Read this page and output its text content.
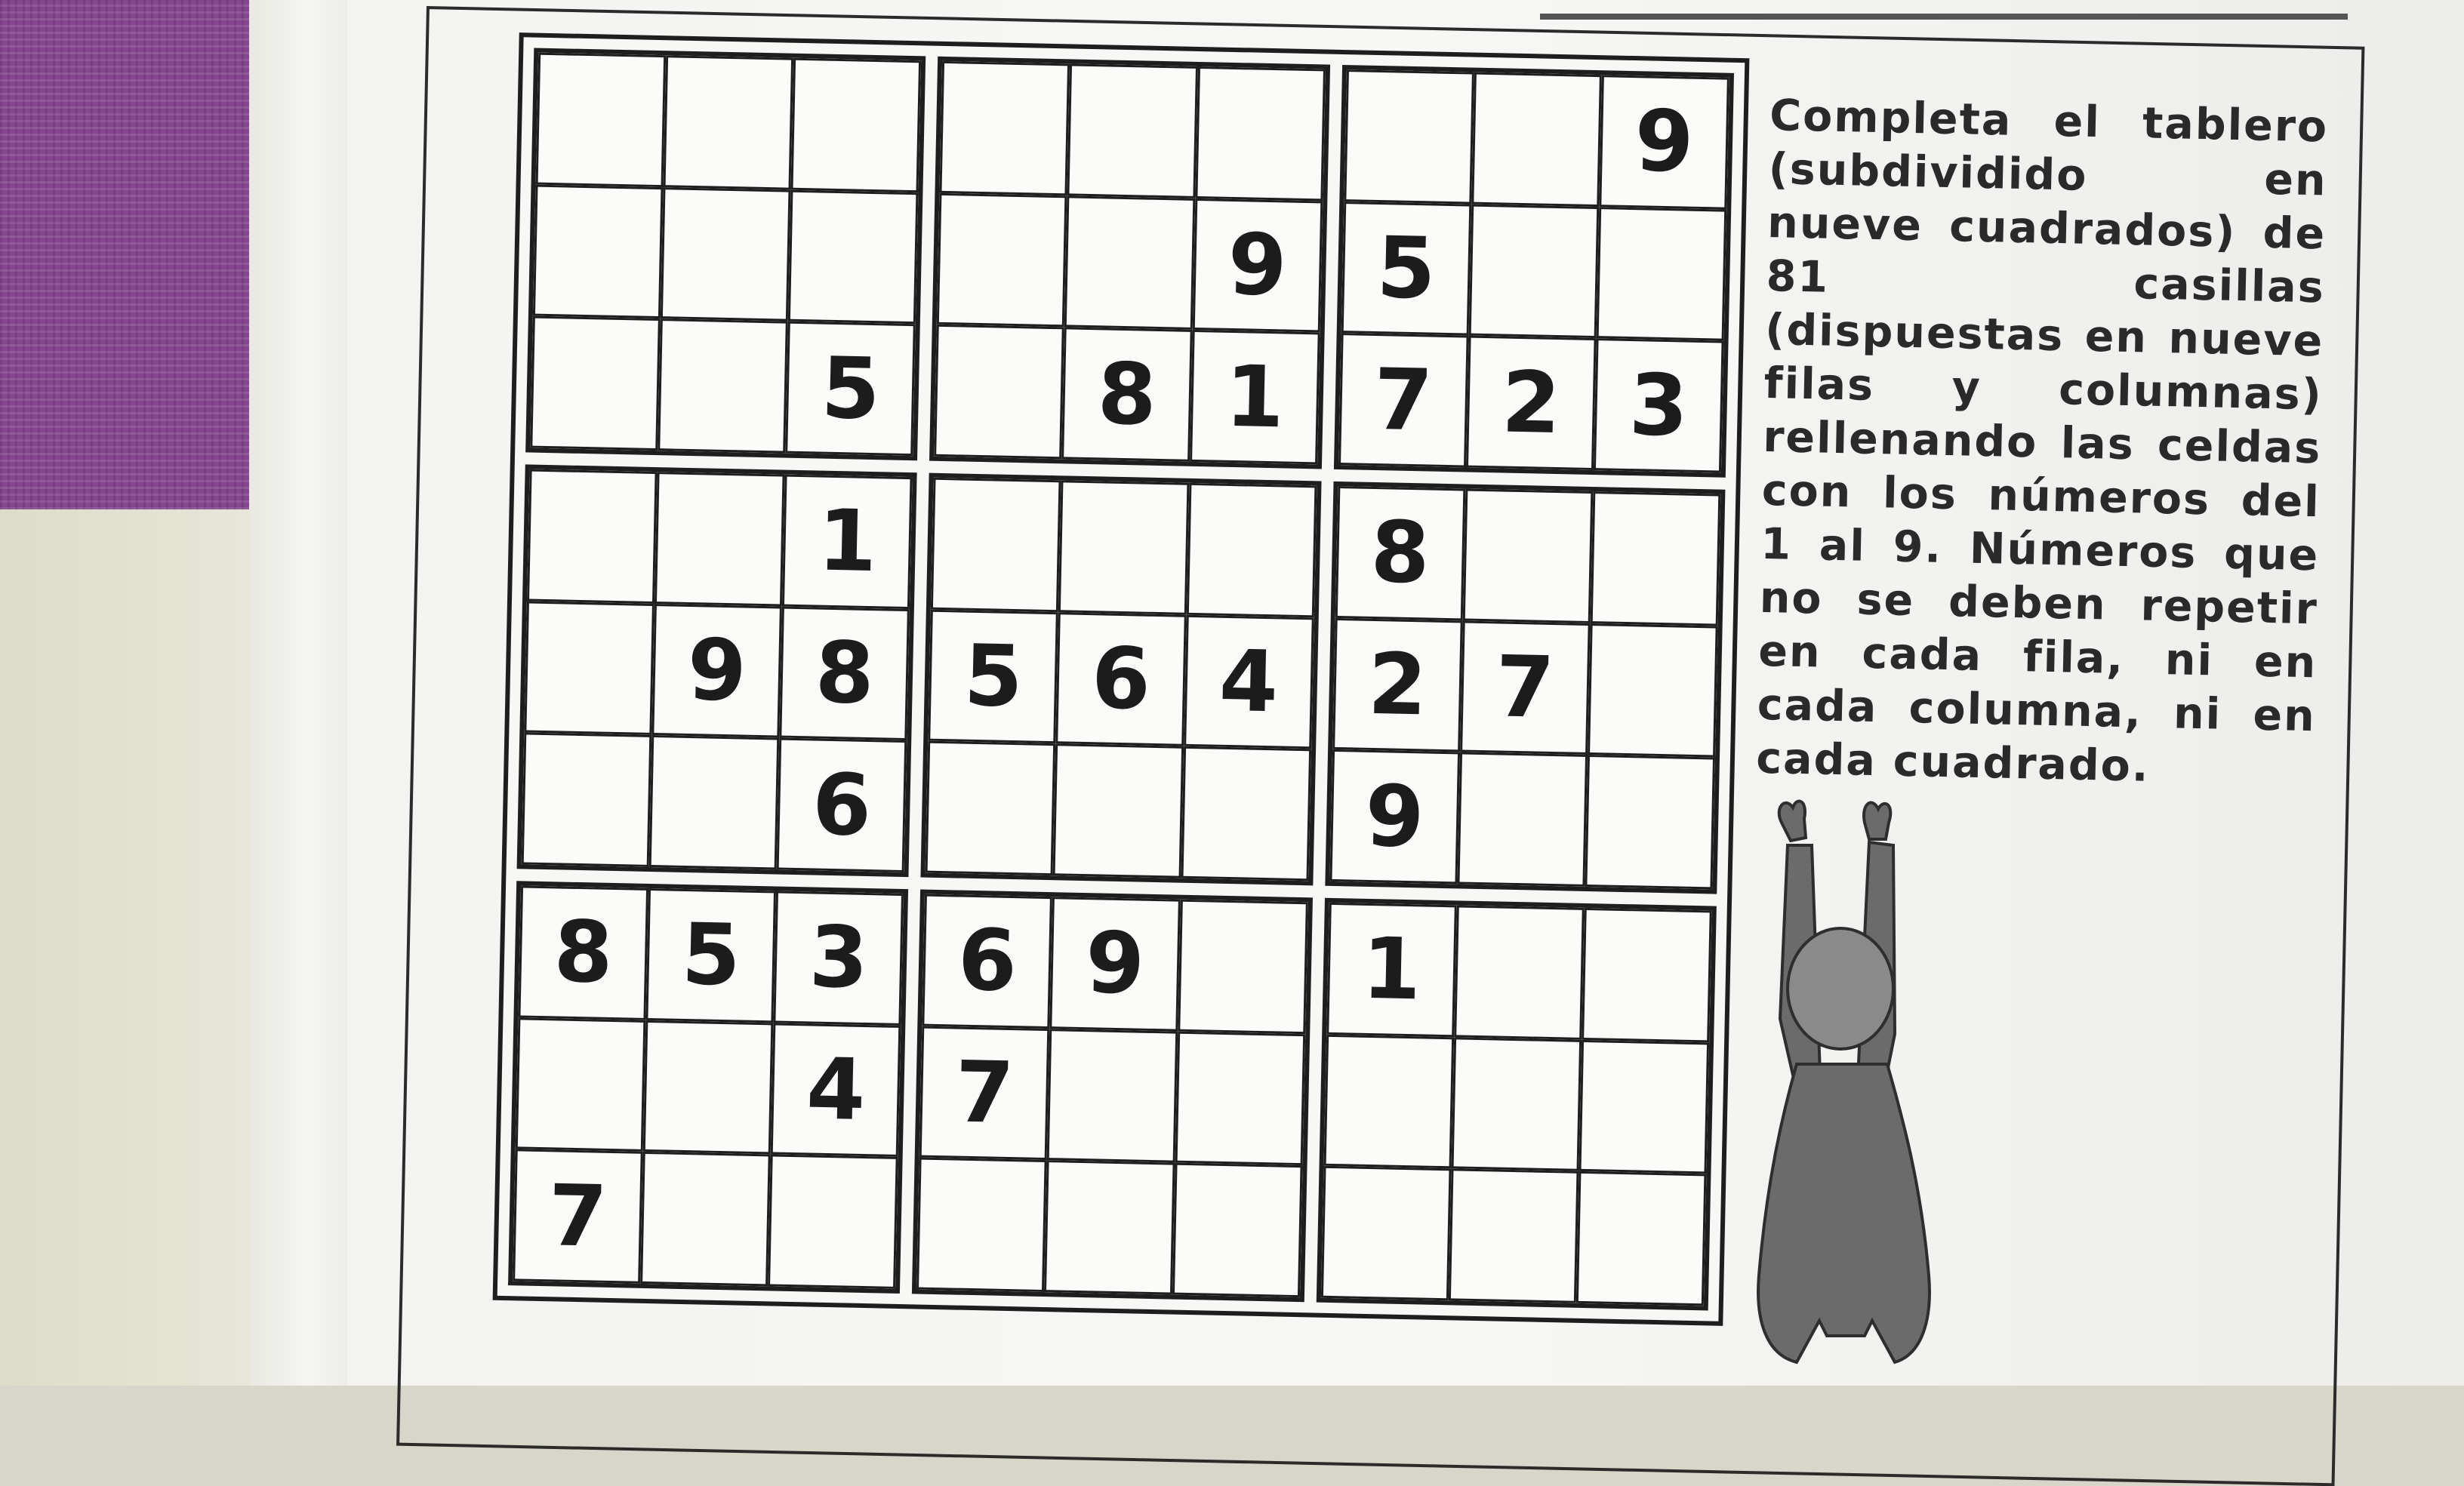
5
9
8 1
9
5
7 2 3
1
9 8
6
5 6 4
8
2 7
9
8 5 3
4
7
6 9
7
1
Completa el tablero (subdividido en nueve cuadrados) de 81 casillas (dispuestas en nueve filas y columnas) rellenando las celdas con los números del 1 al 9. Números que no se deben repetir en cada fila, ni en cada columna, ni en cada cuadrado.
